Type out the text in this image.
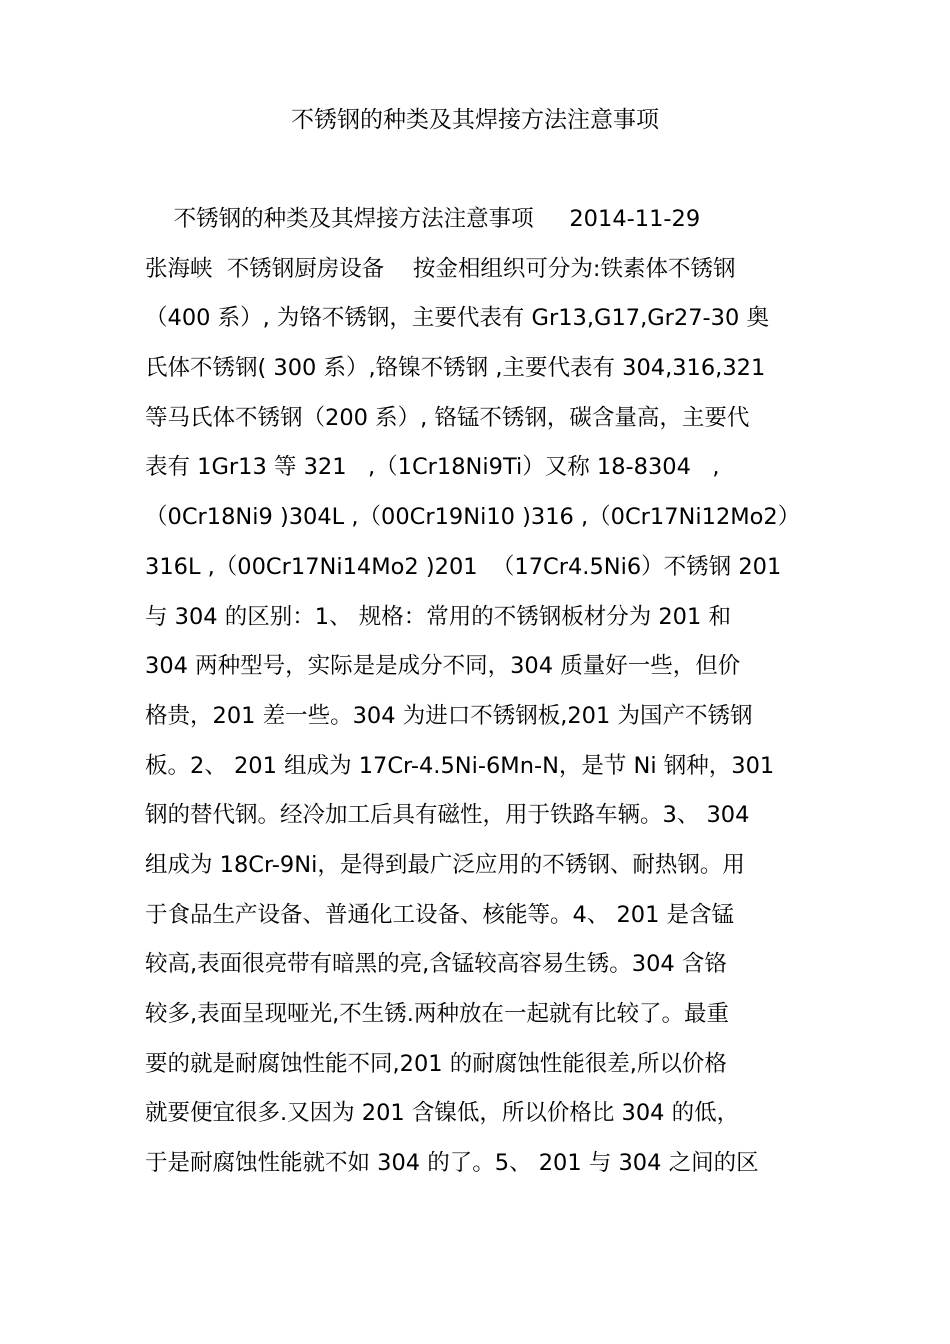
不锈钢的种类及其焊接方法注意事项
不锈钢的种类及其焊接方法注意事项     2014-11-29
张海峡  不锈钢厨房设备    按金相组织可分为:铁素体不锈钢
（400 系）, 为铬不锈钢，主要代表有 Gr13,G17,Gr27-30 奥
氏体不锈钢( 300 系）,铬镍不锈钢 ,主要代表有 304,316,321
等马氏体不锈钢（200 系）, 铬锰不锈钢，碳含量高，主要代
表有 1Gr13 等 321   ,（1Cr18Ni9Ti）又称 18-8304   ,
（0Cr18Ni9 )304L ,（00Cr19Ni10 )316 ,（0Cr17Ni12Mo2）
316L ,（00Cr17Ni14Mo2 )201  （17Cr4.5Ni6）不锈钢 201
与 304 的区别：1、 规格：常用的不锈钢板材分为 201 和
304 两种型号，实际是是成分不同，304 质量好一些，但价
格贵，201 差一些。304 为进口不锈钢板,201 为国产不锈钢
板。2、 201 组成为 17Cr-4.5Ni-6Mn-N，是节 Ni 钢种，301
钢的替代钢。经冷加工后具有磁性，用于铁路车辆。3、 304
组成为 18Cr-9Ni，是得到最广泛应用的不锈钢、耐热钢。用
于食品生产设备、普通化工设备、核能等。4、 201 是含锰
较高,表面很亮带有暗黑的亮,含锰较高容易生锈。304 含铬
较多,表面呈现哑光,不生锈.两种放在一起就有比较了。最重
要的就是耐腐蚀性能不同,201 的耐腐蚀性能很差,所以价格
就要便宜很多.又因为 201 含镍低，所以价格比 304 的低，
于是耐腐蚀性能就不如 304 的了。5、 201 与 304 之间的区
